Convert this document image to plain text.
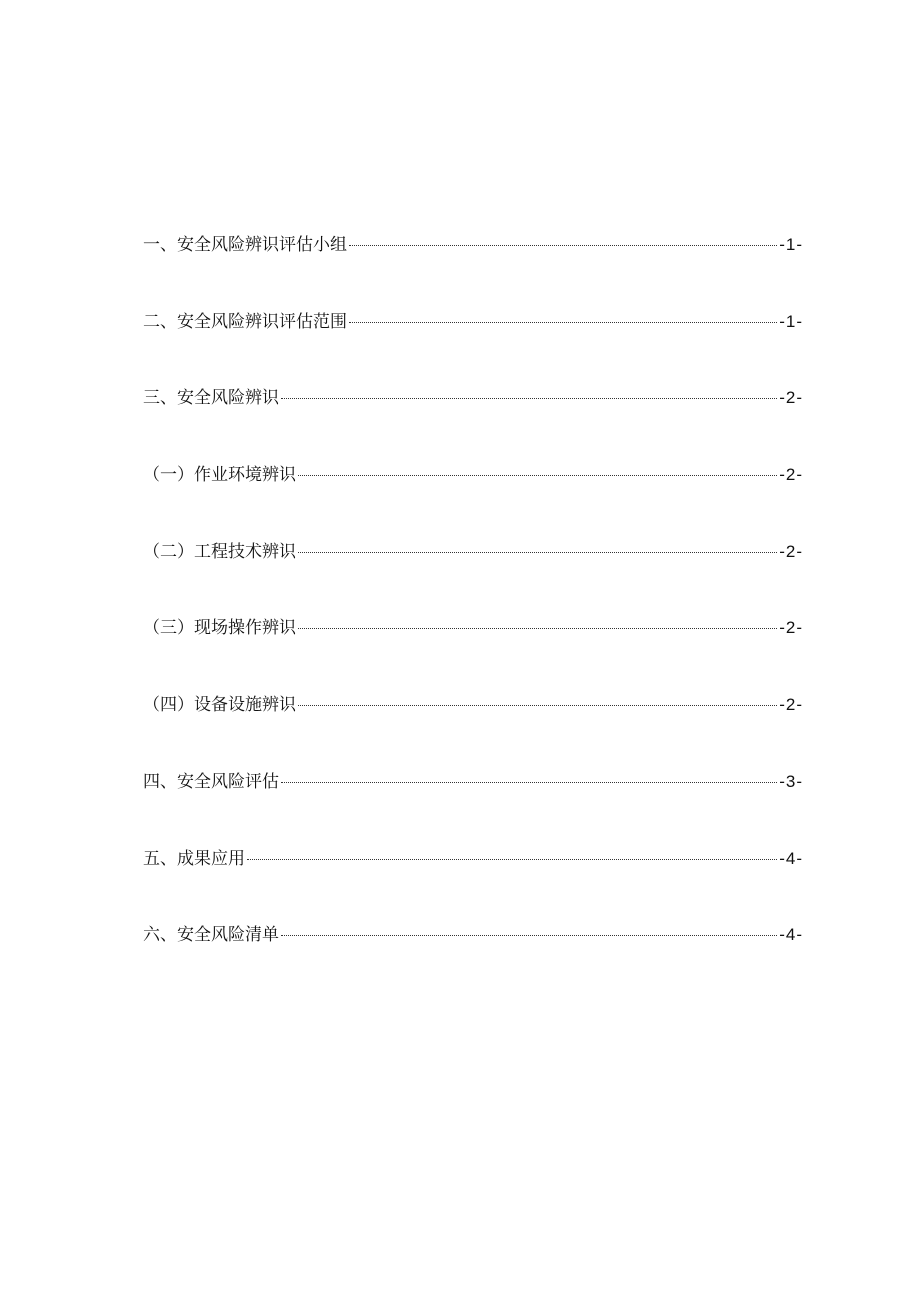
一、安全风险辨识评估小组	-1-
二、安全风险辨识评估范围	-1-
三、安全风险辨识	-2-
（一）作业环境辨识	-2-
（二）工程技术辨识	-2-
（三）现场操作辨识	-2-
（四）设备设施辨识	-2-
四、安全风险评估	-3-
五、成果应用	-4-
六、安全风险清单	-4-
